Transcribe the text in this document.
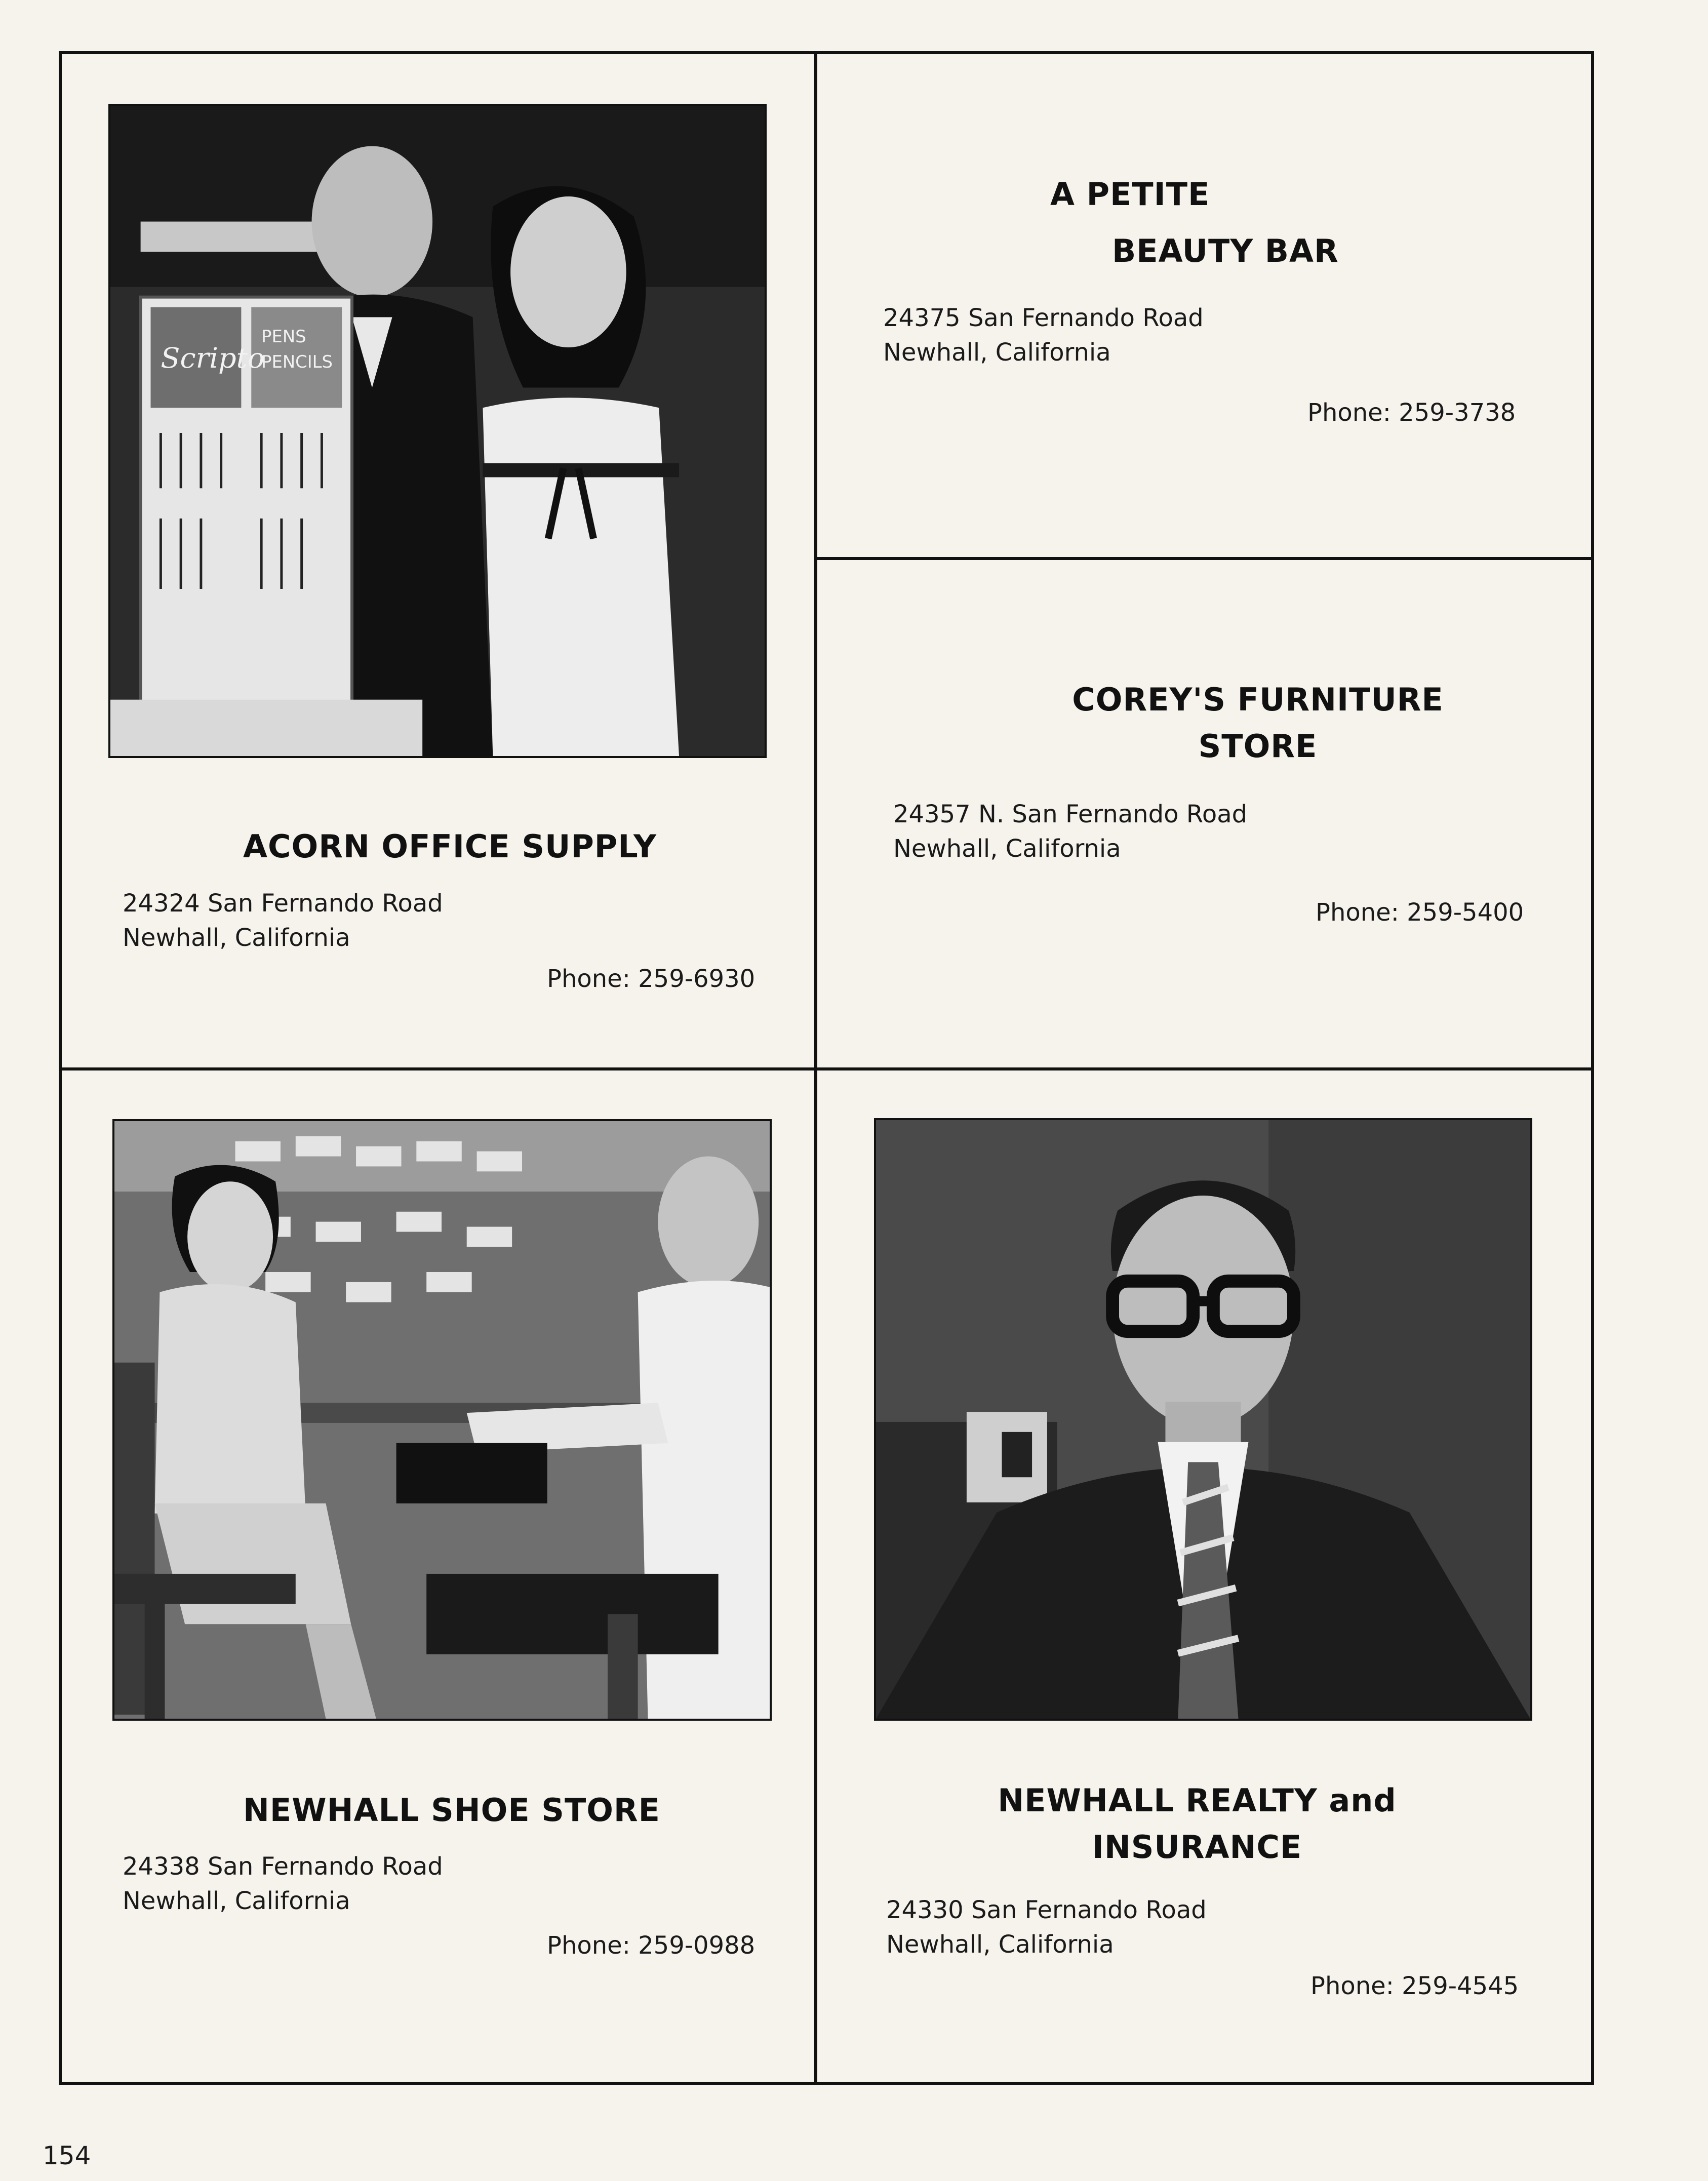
Scripto
PENS
PENCILS
ACORN OFFICE SUPPLY
24324 San Fernando Road
Newhall, California
Phone: 259-6930
A PETITE
BEAUTY BAR
24375 San Fernando Road
Newhall, California
Phone: 259-3738
COREY'S FURNITURE
STORE
24357 N. San Fernando Road
Newhall, California
Phone: 259-5400
NEWHALL SHOE STORE
24338 San Fernando Road
Newhall, California
Phone: 259-0988
NEWHALL REALTY and
INSURANCE
24330 San Fernando Road
Newhall, California
Phone: 259-4545
154
